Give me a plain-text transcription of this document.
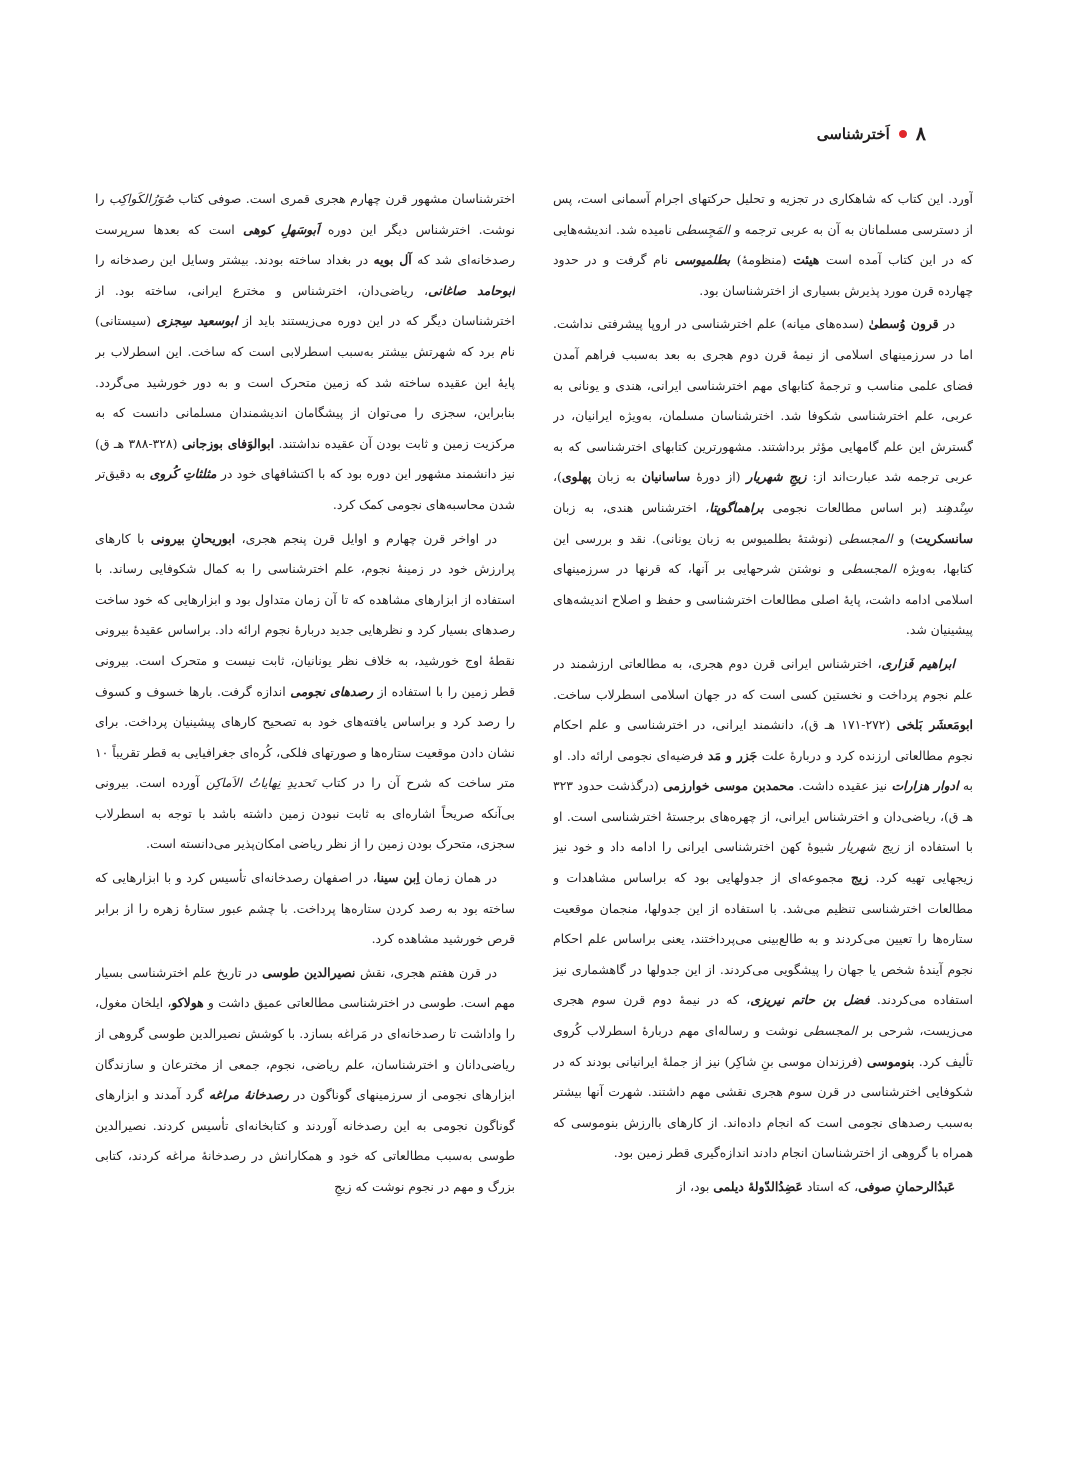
۸
اَخترشناسی

آورد. این کتاب که شاهکاری در تجزیه و تحلیل حرکتهای اجرام آسمانی است، پس از دسترسی مسلمانان به آن به عربی ترجمه و المَجِسطی نامیده شد. اندیشه‌هایی که در این کتاب آمده است هیئت (منظومهٔ) بطلمیوسی نام گرفت و در حدود چهارده قرن مورد پذیرش بسیاری از اخترشناسان بود.

در قرون وُسطیٰ (سده‌های میانه) علم اخترشناسی در اروپا پیشرفتی نداشت. اما در سرزمینهای اسلامی از نیمهٔ قرن دوم هجری به بعد به‌سبب فراهم آمدن فضای علمی مناسب و ترجمهٔ کتابهای مهم اخترشناسی ایرانی، هندی و یونانی به عربی، علم اخترشناسی شکوفا شد. اخترشناسان مسلمان، به‌ویژه ایرانیان، در گسترش این علم گامهایی مؤثر برداشتند. مشهورترین کتابهای اخترشناسی که به عربی ترجمه شد عبارت‌اند از: زیجِ شهریار (از دورهٔ ساسانیان به زبان پهلوی)، سِنْدهِند (بر اساس مطالعات نجومی براهماگوپتا، اخترشناس هندی، به زبان سانسکریت) و المجسطی (نوشتهٔ بطلمیوس به زبان یونانی). نقد و بررسی این کتابها، به‌ویژه المجسطی و نوشتن شرحهایی بر آنها، که قرنها در سرزمینهای اسلامی ادامه داشت، پایهٔ اصلی مطالعات اخترشناسی و حفظ و اصلاح اندیشه‌های پیشینیان شد.

ابراهیم فَزاری، اخترشناس ایرانی قرن دوم هجری، به مطالعاتی ارزشمند در علم نجوم پرداخت و نخستین کسی است که در جهان اسلامی اسطرلاب ساخت. ابومَعشَر بَلخی (۲۷۲-۱۷۱ هـ ق)، دانشمند ایرانی، در اخترشناسی و علم احکام نجوم مطالعاتی ارزنده کرد و دربارهٔ علت جَزر و مَد فرضیه‌ای نجومی ارائه داد. او به ادوار هزارات نیز عقیده داشت. محمدبن موسی خوارزمی (درگذشت حدود ۳۲۳ هـ ق)، ریاضی‌دان و اخترشناس ایرانی، از چهره‌های برجستهٔ اخترشناسی است. او با استفاده از زیج شهریار شیوهٔ کهن اخترشناسی ایرانی را ادامه داد و خود نیز زیجهایی تهیه کرد. زیج مجموعه‌ای از جدولهایی بود که براساس مشاهدات و مطالعات اخترشناسی تنظیم می‌شد. با استفاده از این جدولها، منجمان موقعیت ستاره‌ها را تعیین می‌کردند و به طالع‌بینی می‌پرداختند، یعنی براساس علم احکام نجوم آیندهٔ شخص یا جهان را پیشگویی می‌کردند. از این جدولها در گاهشماری نیز استفاده می‌کردند. فضل بن حاتم نیریزی، که در نیمهٔ دوم قرن سوم هجری می‌زیست، شرحی بر المجسطی نوشت و رساله‌ای مهم دربارهٔ اسطرلاب کُروی تألیف کرد. بنوموسی (فرزندان موسی بنِ شاکِر) نیز از جملهٔ ایرانیانی بودند که در شکوفایی اخترشناسی در قرن سوم هجری نقشی مهم داشتند. شهرت آنها بیشتر به‌سبب رصدهای نجومی است که انجام داده‌اند. از کارهای باارزش بنوموسی که همراه با گروهی از اخترشناسان انجام دادند اندازه‌گیری قطر زمین بود.

عَبدُالرحمانِ صوفی، که استاد عَضِدُالدّولهٔ دیلمی بود، از

اخترشناسان مشهور قرن چهارم هجری قمری است. صوفی کتاب صُوَرُالکَواکِب را نوشت. اخترشناس دیگر این دوره اَبوسَهلِ کوهی است که بعدها سرپرست رصدخانه‌ای شد که آل بویه در بغداد ساخته بودند. بیشتر وسایل این رصدخانه را ابوحامد صاغانی، ریاضی‌دان، اخترشناس و مخترع ایرانی، ساخته بود. از اخترشناسان دیگر که در این دوره می‌زیستند باید از ابوسعید سِجزی (سیستانی) نام برد که شهرتش بیشتر به‌سبب اسطرلابی است که ساخت. این اسطرلاب بر پایهٔ این عقیده ساخته شد که زمین متحرک است و به دور خورشید می‌گردد. بنابراین، سجزی را می‌توان از پیشگامان اندیشمندان مسلمانی دانست که به مرکزیت زمین و ثابت بودن آن عقیده نداشتند. ابوالوَفای بوزجانی (۳۲۸-۳۸۸ هـ ق) نیز دانشمند مشهور این دوره بود که با اکتشافهای خود در مثلثاتِ کُروی به دقیق‌تر شدن محاسبه‌های نجومی کمک کرد.

در اواخر قرن چهارم و اوایل قرن پنجم هجری، ابوریحانِ بیرونی با کارهای پرارزش خود در زمینهٔ نجوم، علم اخترشناسی را به کمال شکوفایی رساند. با استفاده از ابزارهای مشاهده که تا آن زمان متداول بود و ابزارهایی که خود ساخت رصدهای بسیار کرد و نظرهایی جدید دربارهٔ نجوم ارائه داد. براساس عقیدهٔ بیرونی نقطهٔ اوج خورشید، به خلاف نظر یونانیان، ثابت نیست و متحرک است. بیرونی قطر زمین را با استفاده از رصدهای نجومی اندازه گرفت. بارها خسوف و کسوف را رصد کرد و براساس یافته‌های خود به تصحیح کارهای پیشینیان پرداخت. برای نشان دادن موقعیت ستاره‌ها و صورتهای فلکی، کُره‌ای جغرافیایی به قطر تقریباً ۱۰ متر ساخت که شرح آن را در کتاب تَحدیدِ نِهایاتُ الاَماکِن آورده است. بیرونی بی‌آنکه صریحاً اشاره‌ای به ثابت نبودن زمین داشته باشد با توجه به اسطرلاب سجزی، متحرک بودن زمین را از نظر ریاضی امکان‌پذیر می‌دانسته است.

در همان زمان اِبن سینا، در اصفهان رصدخانه‌ای تأسیس کرد و با ابزارهایی که ساخته بود به رصد کردن ستاره‌ها پرداخت. با چشم عبور ستارهٔ زهره را از برابر قرص خورشید مشاهده کرد.

در قرن هفتم هجری، نقش نصیرالدین طوسی در تاریخ علم اخترشناسی بسیار مهم است. طوسی در اخترشناسی مطالعاتی عمیق داشت و هولاکو، ایلخان مغول، را واداشت تا رصدخانه‌ای در مَراغه بسازد. با کوشش نصیرالدین طوسی گروهی از ریاضی‌دانان و اخترشناسان، علم ریاضی، نجوم، جمعی از مخترعان و سازندگان ابزارهای نجومی از سرزمینهای گوناگون در رصدخانهٔ مراغه گرد آمدند و ابزارهای گوناگون نجومی به این رصدخانه آوردند و کتابخانه‌ای تأسیس کردند. نصیرالدین طوسی به‌سبب مطالعاتی که خود و همکارانش در رصدخانهٔ مراغه کردند، کتابی بزرگ و مهم در نجوم نوشت که زیجِ
